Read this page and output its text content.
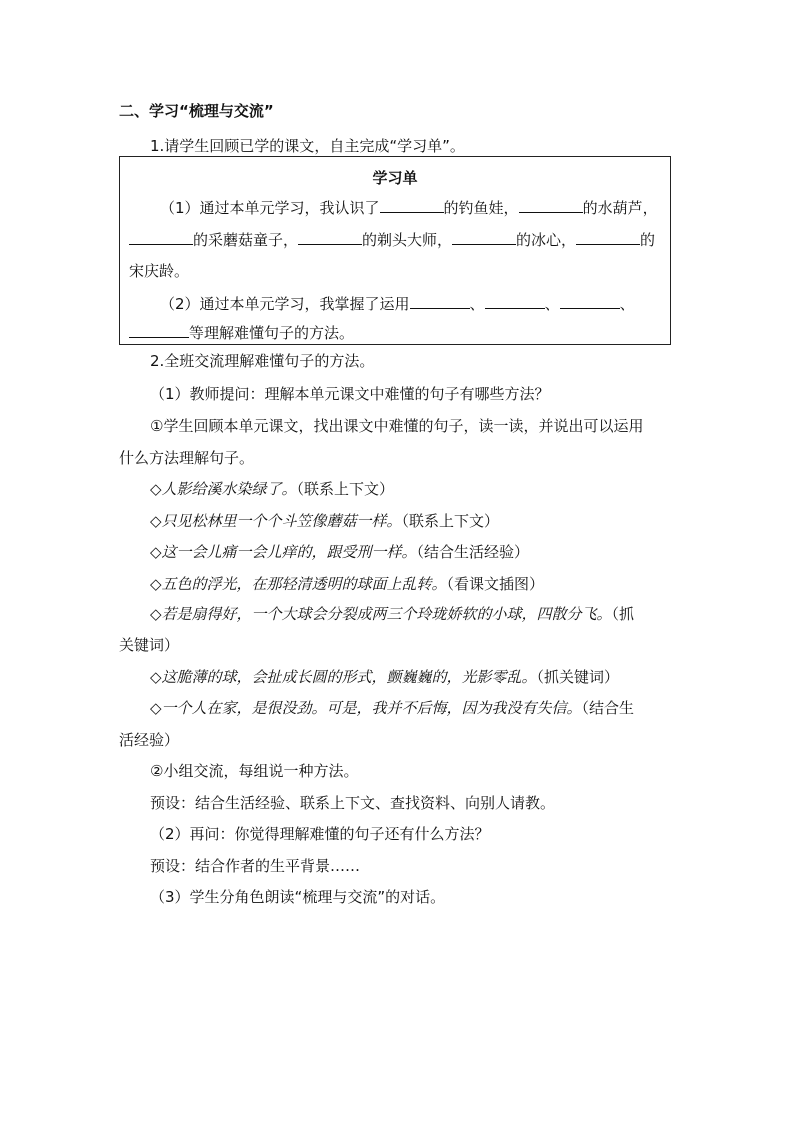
二、学习“梳理与交流”
1.请学生回顾已学的课文，自主完成“学习单”。
学习单
（1）通过本单元学习，我认识了	的钓鱼娃，	的水葫芦，
的采蘑菇童子，	的剃头大师，	的冰心，	的
宋庆龄。
（2）通过本单元学习，我掌握了运用	、	、	、
等理解难懂句子的方法。
2.全班交流理解难懂句子的方法。
（1）教师提问：理解本单元课文中难懂的句子有哪些方法？
①学生回顾本单元课文，找出课文中难懂的句子，读一读，并说出可以运用
什么方法理解句子。
◇人影给溪水染绿了。（联系上下文）
◇只见松林里一个个斗笠像蘑菇一样。（联系上下文）
◇这一会儿痛一会儿痒的，跟受刑一样。（结合生活经验）
◇五色的浮光，在那轻清透明的球面上乱转。（看课文插图）
◇若是扇得好，一个大球会分裂成两三个玲珑娇软的小球，四散分飞。（抓
关键词）
◇这脆薄的球，会扯成长圆的形式，颤巍巍的，光影零乱。（抓关键词）
◇一个人在家，是很没劲。可是，我并不后悔，因为我没有失信。（结合生
活经验）
②小组交流，每组说一种方法。
预设：结合生活经验、联系上下文、查找资料、向别人请教。
（2）再问：你觉得理解难懂的句子还有什么方法？
预设：结合作者的生平背景……
（3）学生分角色朗读“梳理与交流”的对话。
